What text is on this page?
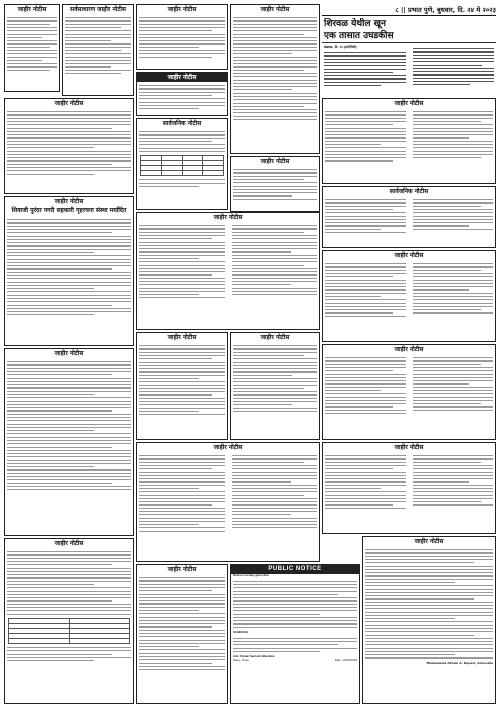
८ || प्रभात पुणे, बुधवार, दि. २४ मे २०२३
जाहीर नोटीस	सर्वसाधारण जाहीर नोटीस	जाहीर नोटीस	जाहीर नोटीस
शिरवळ येथील खून
एक तासात उघडकीस
खंडाळा, दि. २३ (प्रतिनिधी)
जाहीर नोटीस
जाहीर नोटीस
सार्वजनिक नोटीस

जाहीर नोटीस
जाहीर नोटीस
जाहीर नोटीस
शिवाजी पुरंदर नगरी सहकारी गृहरचना संस्था मर्यादित
सार्वजनिक नोटीस
जाहीर नोटीस
जाहीर नोटीस
जाहीर नोटीस	जाहीर नोटीस
जाहीर नोटीस
जाहीर नोटीस
जाहीर नोटीस	जाहीर नोटीस
जाहीर नोटीस

PUBLIC NOTICE
Notice is hereby given that
SCHEDULE
Adv. Chetan Santosh Bhandare
Place : Pune	Date : 23/05/2023
जाहीर नोटीस
जाहीर नोटीस
Mohammed Akram A. Depari, Advocate
